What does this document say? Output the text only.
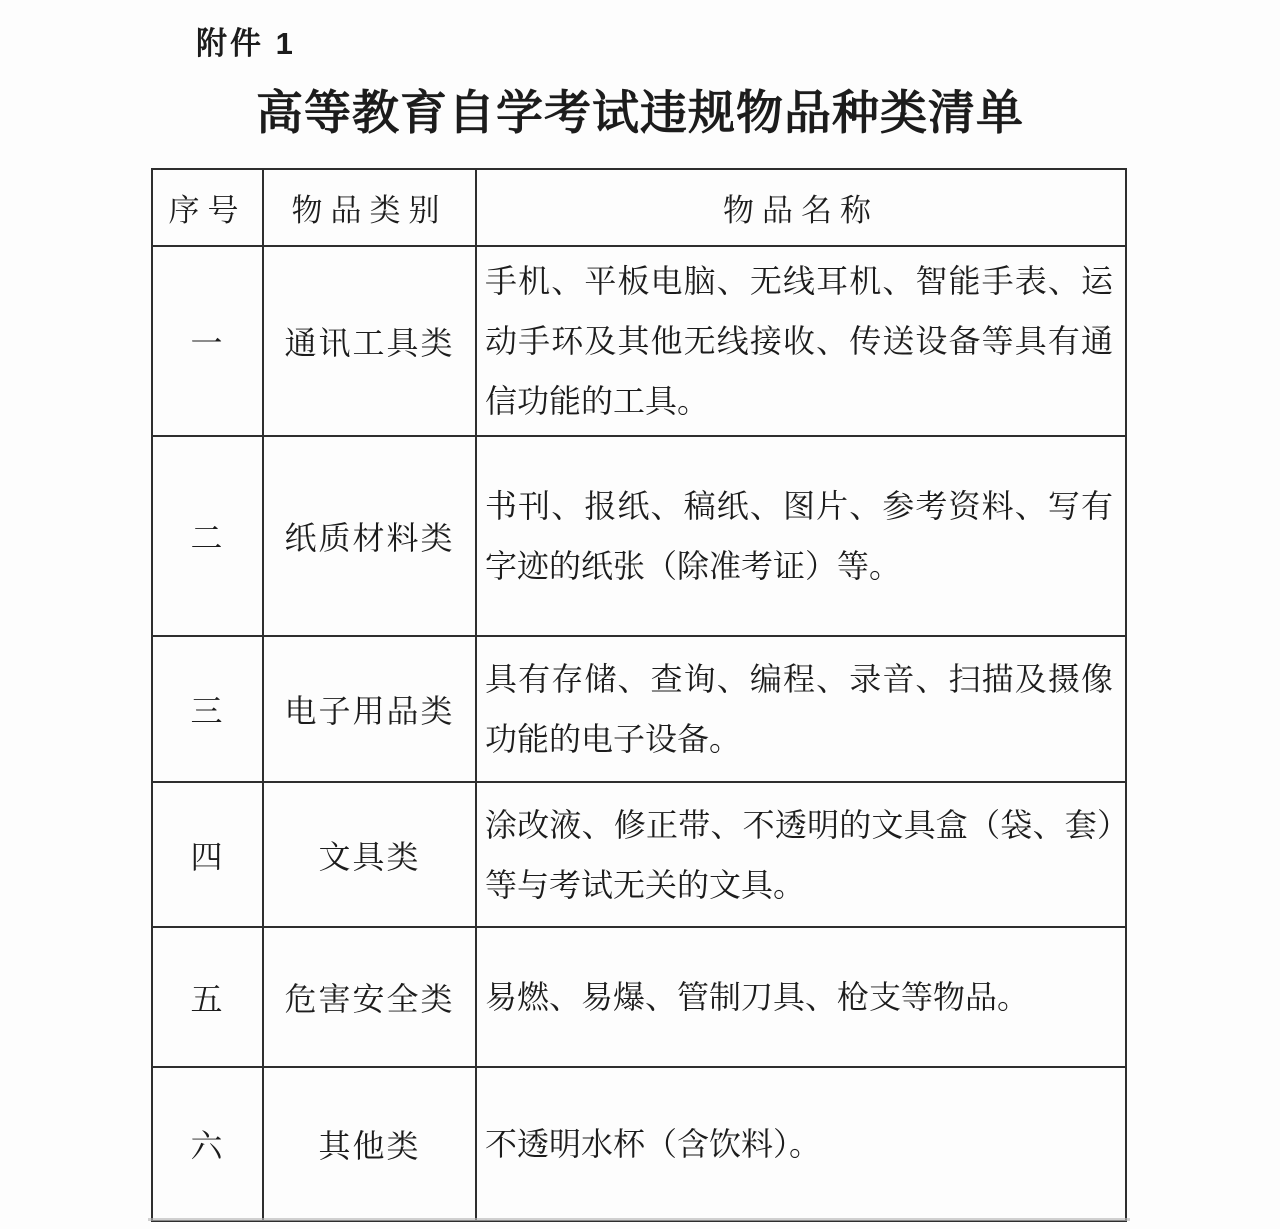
附件 1
高等教育自学考试违规物品种类清单
序号	物品类别	物品名称
一	通讯工具类	手机、平板电脑、无线耳机、智能手表、运动手环及其他无线接收、传送设备等具有通信功能的工具。
二	纸质材料类	书刊、报纸、稿纸、图片、参考资料、写有字迹的纸张（除准考证）等。
三	电子用品类	具有存储、查询、编程、录音、扫描及摄像功能的电子设备。
四	文具类	涂改液、修正带、不透明的文具盒（袋、套）等与考试无关的文具。
五	危害安全类	易燃、易爆、管制刀具、枪支等物品。
六	其他类	不透明水杯（含饮料）。
